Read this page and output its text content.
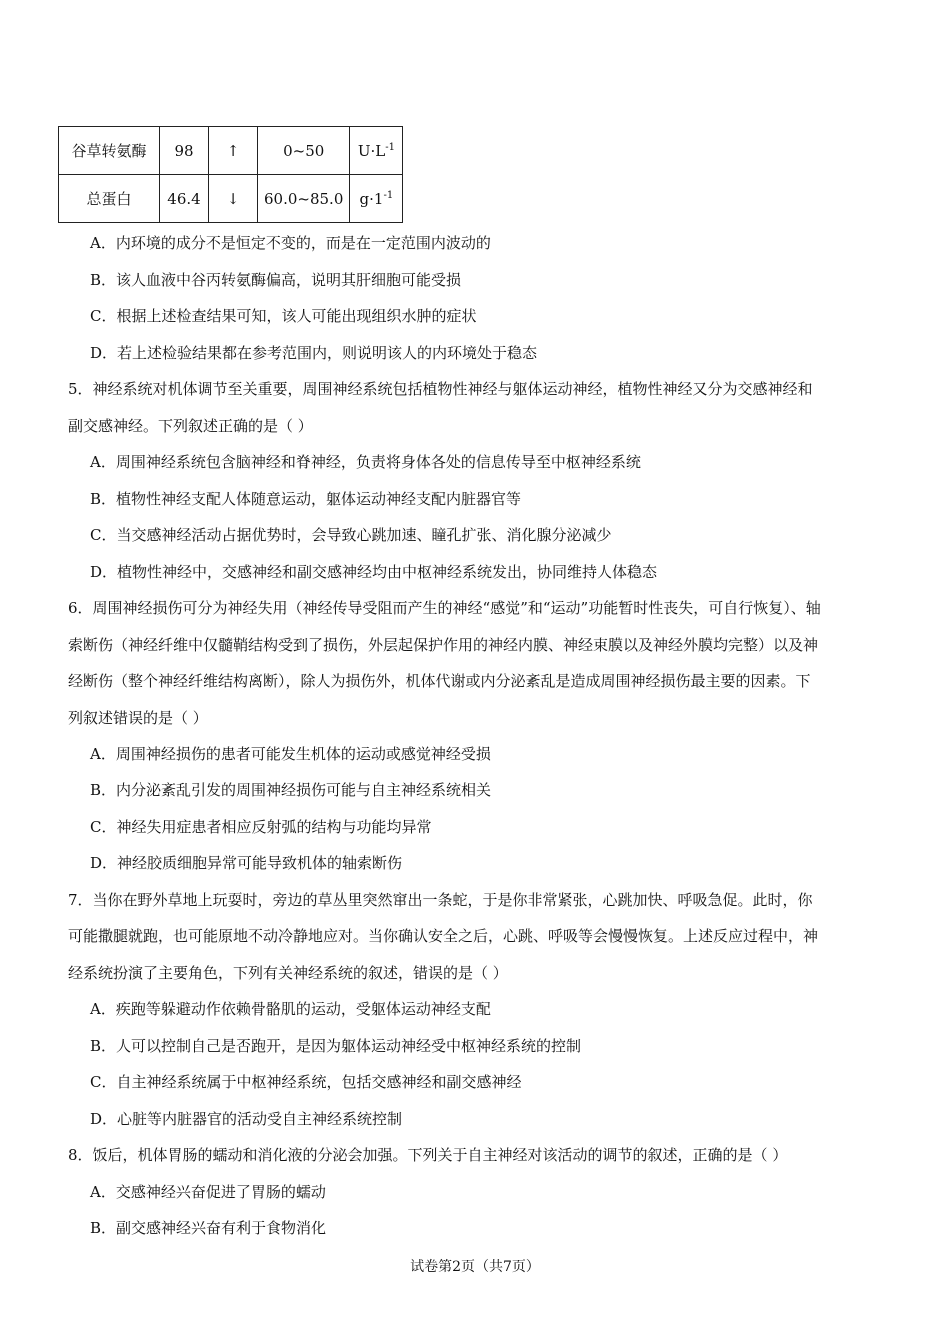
谷草转氨酶	98	↑	0~50	$U\cdot L^{-1}$
总蛋白	46.4	↓	60.0~85.0	$g\cdot 1^{-1}$
A．内环境的成分不是恒定不变的，而是在一定范围内波动的
B．该人血液中谷丙转氨酶偏高，说明其肝细胞可能受损
C．根据上述检查结果可知，该人可能出现组织水肿的症状
D．若上述检验结果都在参考范围内，则说明该人的内环境处于稳态
5．神经系统对机体调节至关重要，周围神经系统包括植物性神经与躯体运动神经，植物性神经又分为交感神经和
副交感神经。下列叙述正确的是（ ）
A．周围神经系统包含脑神经和脊神经，负责将身体各处的信息传导至中枢神经系统
B．植物性神经支配人体随意运动，躯体运动神经支配内脏器官等
C．当交感神经活动占据优势时，会导致心跳加速、瞳孔扩张、消化腺分泌减少
D．植物性神经中，交感神经和副交感神经均由中枢神经系统发出，协同维持人体稳态
6．周围神经损伤可分为神经失用（神经传导受阻而产生的神经“感觉”和“运动”功能暂时性丧失，可自行恢复）、轴
索断伤（神经纤维中仅髓鞘结构受到了损伤，外层起保护作用的神经内膜、神经束膜以及神经外膜均完整）以及神
经断伤（整个神经纤维结构离断），除人为损伤外，机体代谢或内分泌紊乱是造成周围神经损伤最主要的因素。下
列叙述错误的是（ ）
A．周围神经损伤的患者可能发生机体的运动或感觉神经受损
B．内分泌紊乱引发的周围神经损伤可能与自主神经系统相关
C．神经失用症患者相应反射弧的结构与功能均异常
D．神经胶质细胞异常可能导致机体的轴索断伤
7．当你在野外草地上玩耍时，旁边的草丛里突然窜出一条蛇，于是你非常紧张，心跳加快、呼吸急促。此时，你
可能撒腿就跑，也可能原地不动冷静地应对。当你确认安全之后，心跳、呼吸等会慢慢恢复。上述反应过程中，神
经系统扮演了主要角色，下列有关神经系统的叙述，错误的是（ ）
A．疾跑等躲避动作依赖骨骼肌的运动，受躯体运动神经支配
B．人可以控制自己是否跑开，是因为躯体运动神经受中枢神经系统的控制
C．自主神经系统属于中枢神经系统，包括交感神经和副交感神经
D．心脏等内脏器官的活动受自主神经系统控制
8．饭后，机体胃肠的蠕动和消化液的分泌会加强。下列关于自主神经对该活动的调节的叙述，正确的是（ ）
A．交感神经兴奋促进了胃肠的蠕动
B．副交感神经兴奋有利于食物消化
试卷第2页（共7页）
